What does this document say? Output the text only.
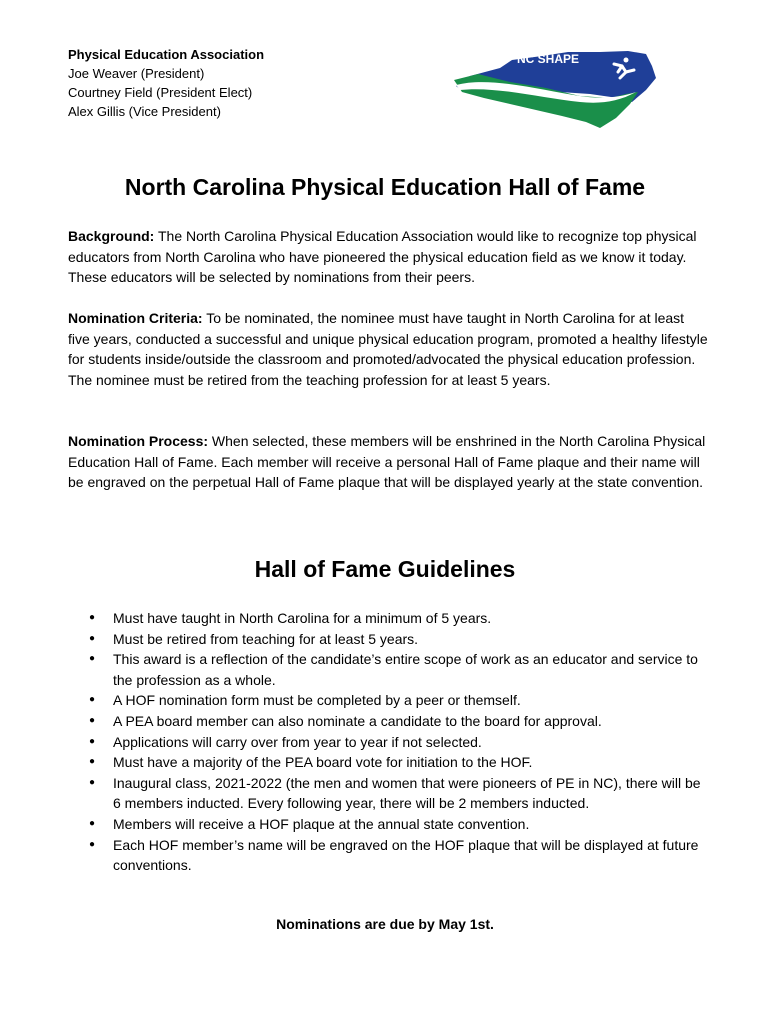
Physical Education Association
Joe Weaver (President)
Courtney Field (President Elect)
Alex Gillis (Vice President)
NC SHAPE
North Carolina Physical Education Hall of Fame

Background: The North Carolina Physical Education Association would like to recognize top physical educators from North Carolina who have pioneered the physical education field as we know it today. These educators will be selected by nominations from their peers.

Nomination Criteria: To be nominated, the nominee must have taught in North Carolina for at least five years, conducted a successful and unique physical education program, promoted a healthy lifestyle for students inside/outside the classroom and promoted/advocated the physical education profession. The nominee must be retired from the teaching profession for at least 5 years.

Nomination Process: When selected, these members will be enshrined in the North Carolina Physical Education Hall of Fame. Each member will receive a personal Hall of Fame plaque and their name will be engraved on the perpetual Hall of Fame plaque that will be displayed yearly at the state convention.

Hall of Fame Guidelines
● Must have taught in North Carolina for a minimum of 5 years.
● Must be retired from teaching for at least 5 years.
● This award is a reflection of the candidate’s entire scope of work as an educator and service to the profession as a whole.
● A HOF nomination form must be completed by a peer or themself.
● A PEA board member can also nominate a candidate to the board for approval.
● Applications will carry over from year to year if not selected.
● Must have a majority of the PEA board vote for initiation to the HOF.
● Inaugural class, 2021-2022 (the men and women that were pioneers of PE in NC), there will be 6 members inducted. Every following year, there will be 2 members inducted.
● Members will receive a HOF plaque at the annual state convention.
● Each HOF member’s name will be engraved on the HOF plaque that will be displayed at future conventions.

Nominations are due by May 1st.
